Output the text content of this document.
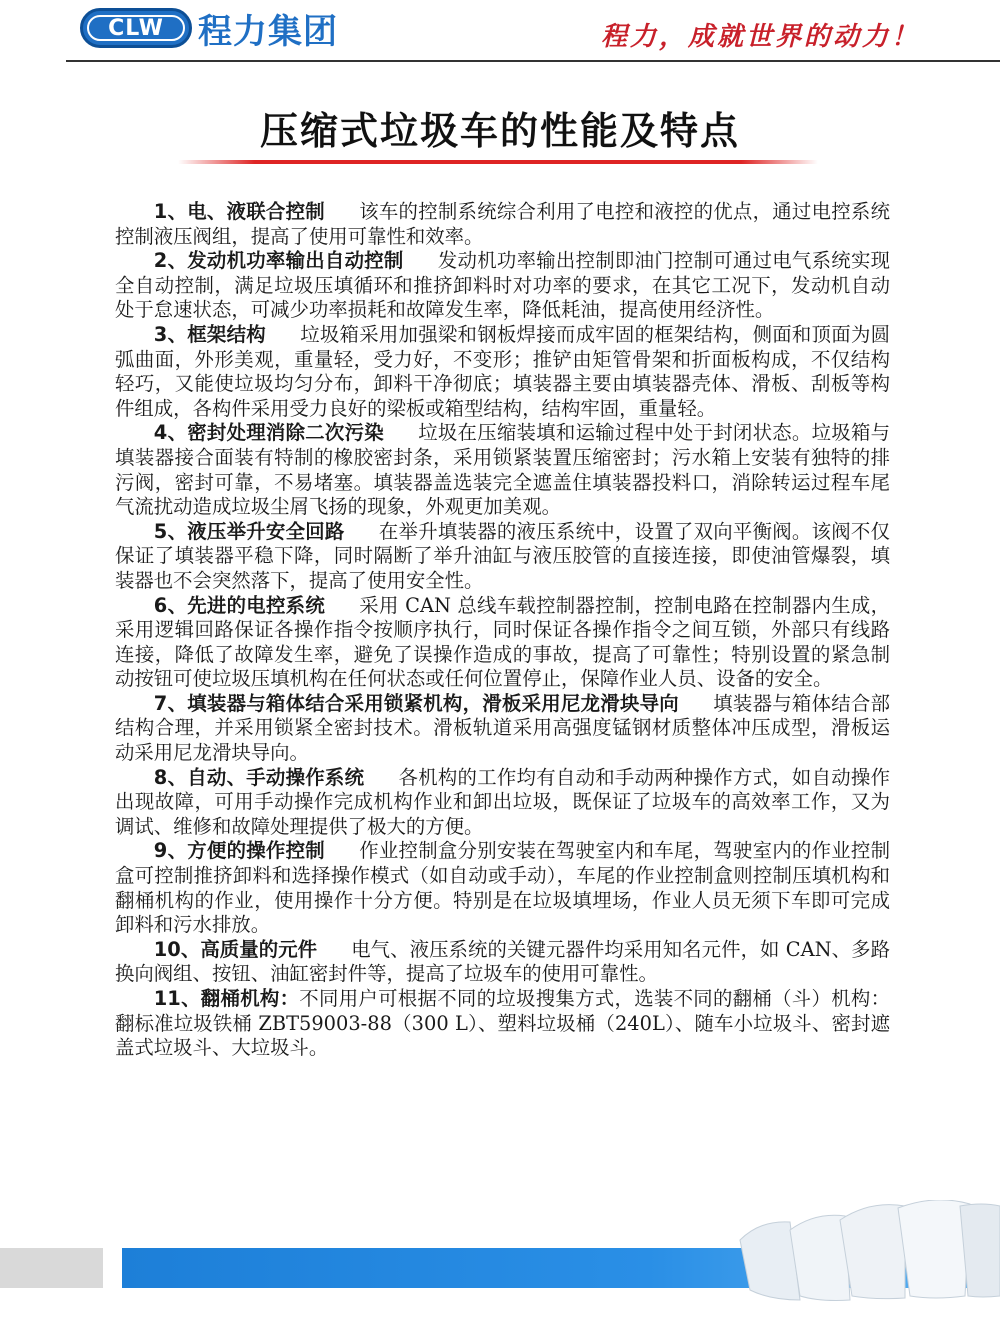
CLW 程力集团	程力，成就世界的动力！
压缩式垃圾车的性能及特点

1、电、液联合控制 该车的控制系统综合利用了电控和液控的优点，通过电控系统控制液压阀组，提高了使用可靠性和效率。

2、发动机功率输出自动控制 发动机功率输出控制即油门控制可通过电气系统实现全自动控制，满足垃圾压填循环和推挤卸料时对功率的要求，在其它工况下，发动机自动处于怠速状态，可减少功率损耗和故障发生率，降低耗油，提高使用经济性。

3、框架结构 垃圾箱采用加强梁和钢板焊接而成牢固的框架结构，侧面和顶面为圆弧曲面，外形美观，重量轻，受力好，不变形；推铲由矩管骨架和折面板构成，不仅结构轻巧，又能使垃圾均匀分布，卸料干净彻底；填装器主要由填装器壳体、滑板、刮板等构件组成，各构件采用受力良好的梁板或箱型结构，结构牢固，重量轻。

4、密封处理消除二次污染 垃圾在压缩装填和运输过程中处于封闭状态。垃圾箱与填装器接合面装有特制的橡胶密封条，采用锁紧装置压缩密封；污水箱上安装有独特的排污阀，密封可靠，不易堵塞。填装器盖选装完全遮盖住填装器投料口，消除转运过程车尾气流扰动造成垃圾尘屑飞扬的现象，外观更加美观。

5、液压举升安全回路 在举升填装器的液压系统中，设置了双向平衡阀。该阀不仅保证了填装器平稳下降，同时隔断了举升油缸与液压胶管的直接连接，即使油管爆裂，填装器也不会突然落下，提高了使用安全性。

6、先进的电控系统 采用 CAN 总线车载控制器控制，控制电路在控制器内生成，采用逻辑回路保证各操作指令按顺序执行，同时保证各操作指令之间互锁，外部只有线路连接，降低了故障发生率，避免了误操作造成的事故，提高了可靠性；特别设置的紧急制动按钮可使垃圾压填机构在任何状态或任何位置停止，保障作业人员、设备的安全。

7、填装器与箱体结合采用锁紧机构，滑板采用尼龙滑块导向 填装器与箱体结合部结构合理，并采用锁紧全密封技术。滑板轨道采用高强度锰钢材质整体冲压成型，滑板运动采用尼龙滑块导向。

8、自动、手动操作系统 各机构的工作均有自动和手动两种操作方式，如自动操作出现故障，可用手动操作完成机构作业和卸出垃圾，既保证了垃圾车的高效率工作，又为调试、维修和故障处理提供了极大的方便。

9、方便的操作控制 作业控制盒分别安装在驾驶室内和车尾，驾驶室内的作业控制盒可控制推挤卸料和选择操作模式（如自动或手动），车尾的作业控制盒则控制压填机构和翻桶机构的作业，使用操作十分方便。特别是在垃圾填埋场，作业人员无须下车即可完成卸料和污水排放。

10、高质量的元件 电气、液压系统的关键元器件均采用知名元件，如 CAN、多路换向阀组、按钮、油缸密封件等，提高了垃圾车的使用可靠性。

11、翻桶机构：不同用户可根据不同的垃圾搜集方式，选装不同的翻桶（斗）机构：翻标准垃圾铁桶 ZBT59003-88（300 L）、塑料垃圾桶（240L）、随车小垃圾斗、密封遮盖式垃圾斗、大垃圾斗。
